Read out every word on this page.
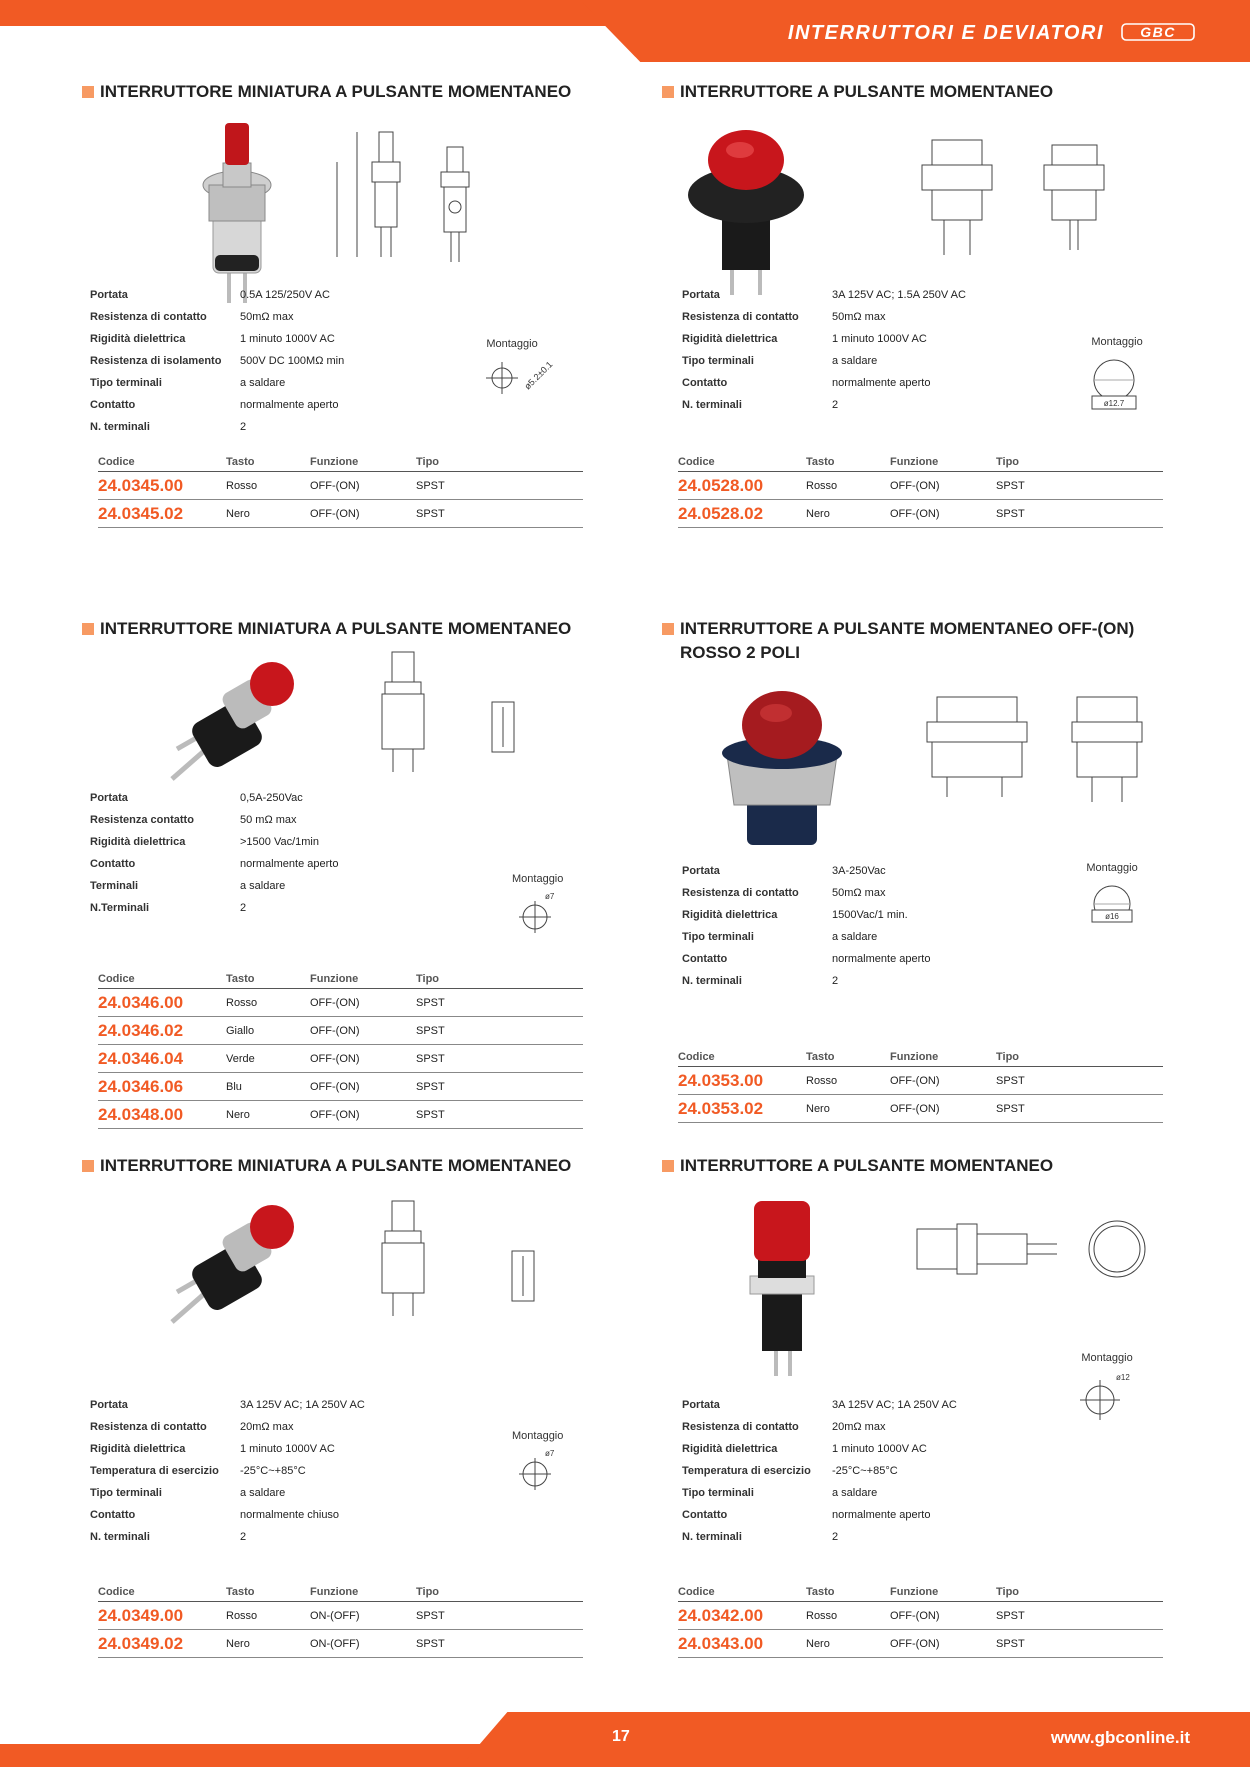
INTERRUTTORI E DEVIATORI	GBC
INTERRUTTORE MINIATURA A PULSANTE MOMENTANEO
Portata	0.5A 125/250V AC
Resistenza di contatto	50mΩ max
Rigidità dielettrica	1 minuto 1000V AC
Resistenza di isolamento	500V DC 100MΩ min
Tipo terminali	a saldare
Contatto	normalmente aperto
N. terminali	2
Montaggio
ø5.2±0.1
Codice	Tasto	Funzione	Tipo
24.0345.00	Rosso	OFF-(ON)	SPST
24.0345.02	Nero	OFF-(ON)	SPST
INTERRUTTORE A PULSANTE MOMENTANEO
Portata	3A 125V AC; 1.5A 250V AC
Resistenza di contatto	50mΩ max
Rigidità dielettrica	1 minuto 1000V AC
Tipo terminali	a saldare
Contatto	normalmente aperto
N. terminali	2
Montaggio
ø12.7
Codice	Tasto	Funzione	Tipo
24.0528.00	Rosso	OFF-(ON)	SPST
24.0528.02	Nero	OFF-(ON)	SPST
INTERRUTTORE MINIATURA A PULSANTE MOMENTANEO
Portata	0,5A-250Vac
Resistenza contatto	50 mΩ max
Rigidità dielettrica	>1500 Vac/1min
Contatto	normalmente aperto
Terminali	a saldare
N.Terminali	2
Montaggio
ø7
Codice	Tasto	Funzione	Tipo
24.0346.00	Rosso	OFF-(ON)	SPST
24.0346.02	Giallo	OFF-(ON)	SPST
24.0346.04	Verde	OFF-(ON)	SPST
24.0346.06	Blu	OFF-(ON)	SPST
24.0348.00	Nero	OFF-(ON)	SPST
INTERRUTTORE A PULSANTE MOMENTANEO OFF-(ON) ROSSO 2 POLI
Portata	3A-250Vac
Resistenza di contatto	50mΩ max
Rigidità dielettrica	1500Vac/1 min.
Tipo terminali	a saldare
Contatto	normalmente aperto
N. terminali	2
Montaggio
ø16
Codice	Tasto	Funzione	Tipo
24.0353.00	Rosso	OFF-(ON)	SPST
24.0353.02	Nero	OFF-(ON)	SPST
INTERRUTTORE MINIATURA A PULSANTE MOMENTANEO
Portata	3A 125V AC; 1A 250V AC
Resistenza di contatto	20mΩ max
Rigidità dielettrica	1 minuto 1000V AC
Temperatura di esercizio	-25°C~+85°C
Tipo terminali	a saldare
Contatto	normalmente chiuso
N. terminali	2
Montaggio
ø7
Codice	Tasto	Funzione	Tipo
24.0349.00	Rosso	ON-(OFF)	SPST
24.0349.02	Nero	ON-(OFF)	SPST
INTERRUTTORE A PULSANTE MOMENTANEO
Portata	3A 125V AC; 1A 250V AC
Resistenza di contatto	20mΩ max
Rigidità dielettrica	1 minuto 1000V AC
Temperatura di esercizio	-25°C~+85°C
Tipo terminali	a saldare
Contatto	normalmente aperto
N. terminali	2
Montaggio
ø12
Codice	Tasto	Funzione	Tipo
24.0342.00	Rosso	OFF-(ON)	SPST
24.0343.00	Nero	OFF-(ON)	SPST
17	www.gbconline.it
